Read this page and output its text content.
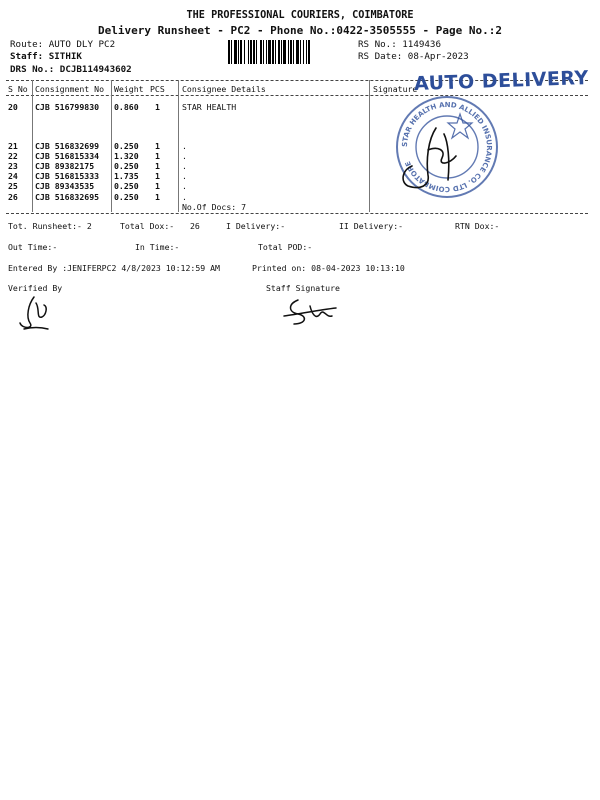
THE PROFESSIONAL COURIERS, COIMBATORE
Delivery Runsheet - PC2 - Phone No.:0422-3505555 - Page No.:2
Route: AUTO DLY PC2
Staff: SITHIK
DRS No.: DCJB114943602
RS No.: 1149436
RS Date: 08-Apr-2023
S No Consignment No Weight PCS Consignee Details	Signature
20 CJB 516799830 0.860 1	STAR HEALTH
21 CJB 516832699 0.250 1	.
22 CJB 516815334 1.320 1	.
23 CJB 89382175 0.250 1	.
24 CJB 516815333 1.735 1	.
25 CJB 89343535 0.250 1	.
26 CJB 516832695 0.250 1	.
No.Of Docs: 7
AUTO DELIVERY
STAR HEALTH AND ALLIED INSURANCE CO. LTD COIMBATORE
Tot. Runsheet:- 2	Total Dox:- 26	I Delivery:-	II Delivery:-	RTN Dox:-
Out Time:-	In Time:-	Total POD:-
Entered By :JENIFERPC2 4/8/2023 10:12:59 AM	Printed on: 08-04-2023 10:13:10
Verified By	Staff Signature
